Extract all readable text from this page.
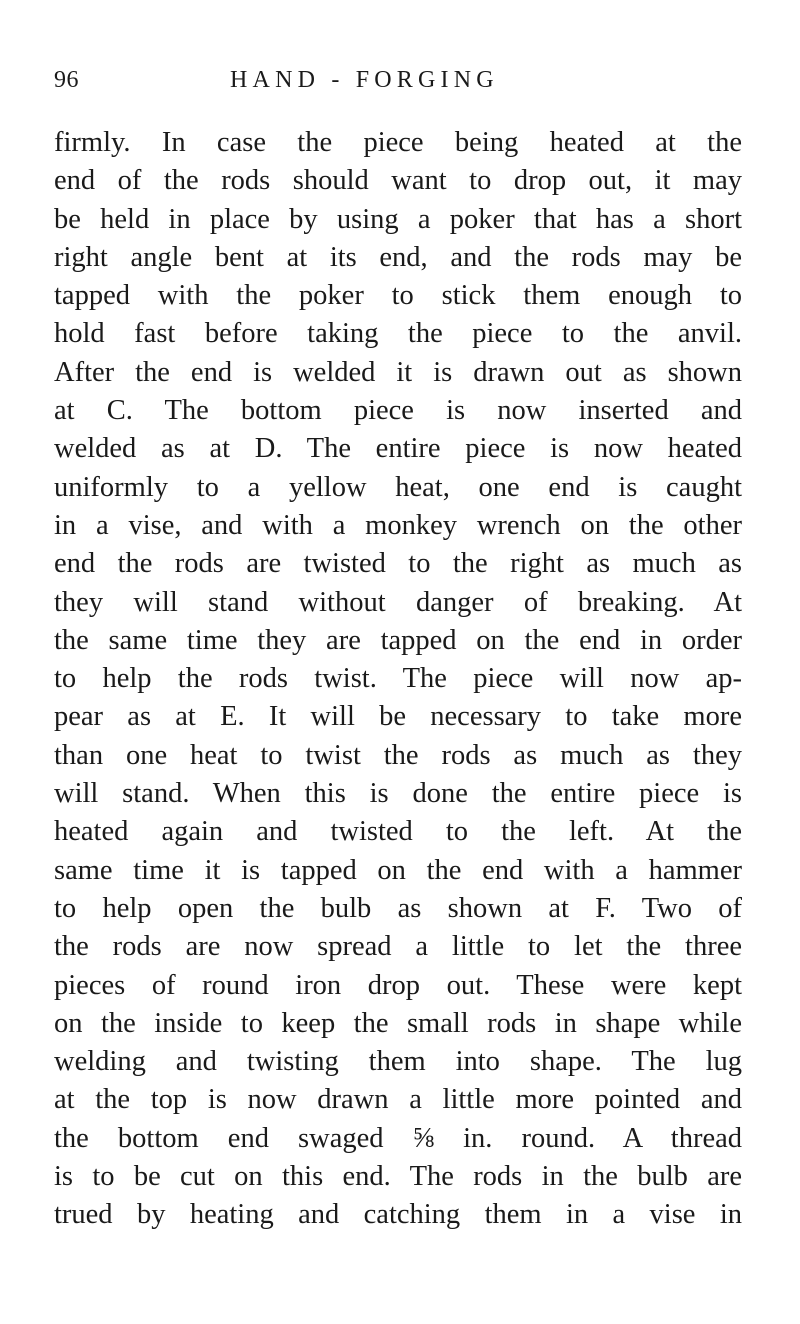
96	HAND - FORGING
firmly. In case the piece being heated at the
end of the rods should want to drop out, it may
be held in place by using a poker that has a short
right angle bent at its end, and the rods may be
tapped with the poker to stick them enough to
hold fast before taking the piece to the anvil.
After the end is welded it is drawn out as shown
at C. The bottom piece is now inserted and
welded as at D. The entire piece is now heated
uniformly to a yellow heat, one end is caught
in a vise, and with a monkey wrench on the other
end the rods are twisted to the right as much as
they will stand without danger of breaking. At
the same time they are tapped on the end in order
to help the rods twist. The piece will now ap-
pear as at E. It will be necessary to take more
than one heat to twist the rods as much as they
will stand. When this is done the entire piece is
heated again and twisted to the left. At the
same time it is tapped on the end with a hammer
to help open the bulb as shown at F. Two of
the rods are now spread a little to let the three
pieces of round iron drop out. These were kept
on the inside to keep the small rods in shape while
welding and twisting them into shape. The lug
at the top is now drawn a little more pointed and
the bottom end swaged ⅝ in. round. A thread
is to be cut on this end. The rods in the bulb are
trued by heating and catching them in a vise in
